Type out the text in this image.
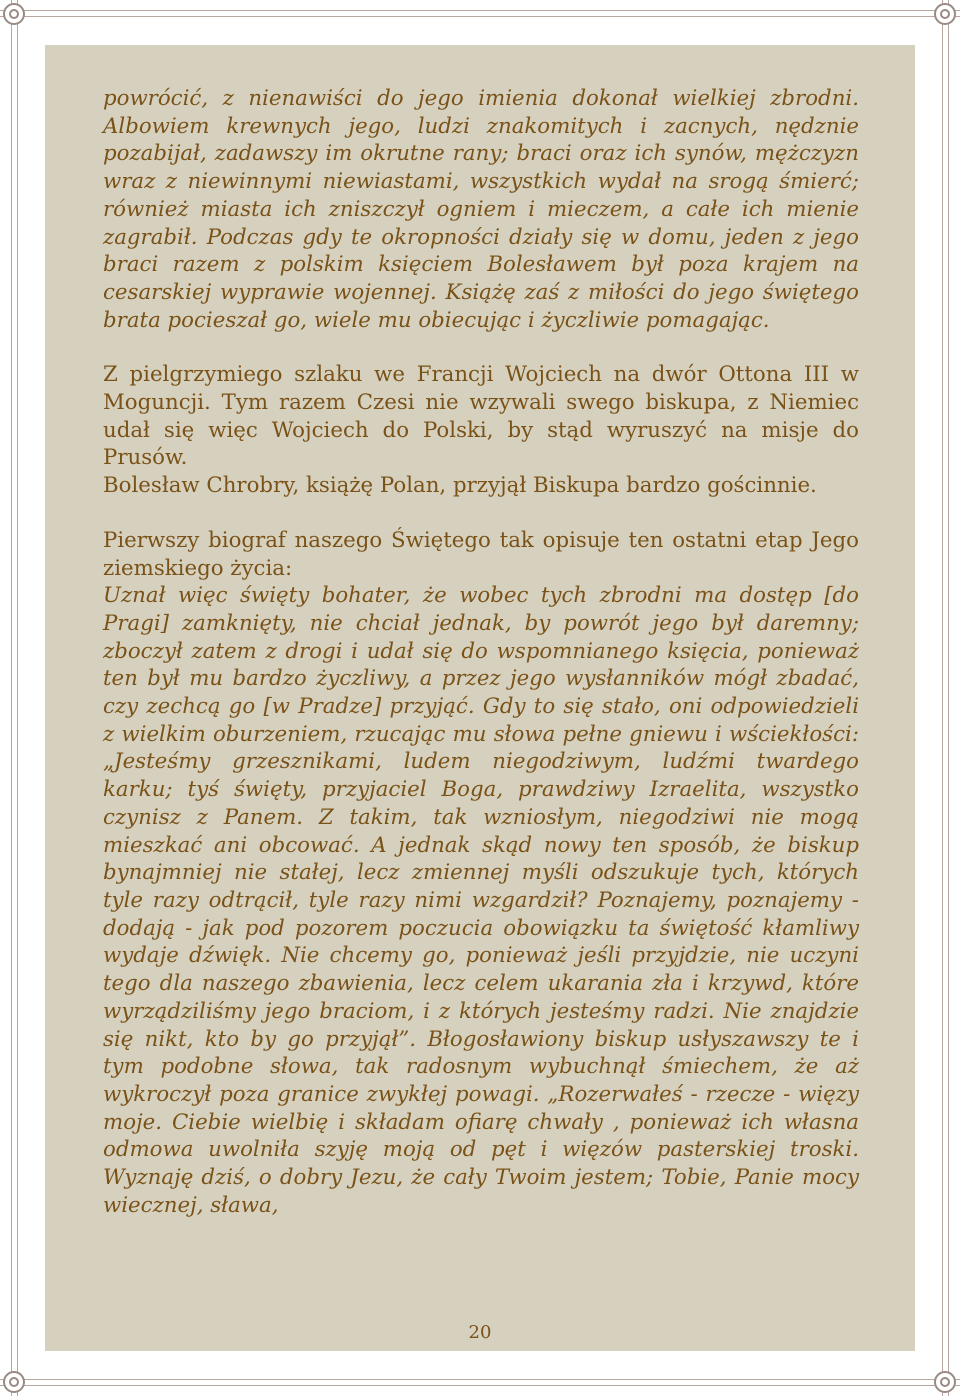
powrócić, z nienawiści do jego imienia dokonał wielkiej zbrodni. Albowiem krewnych jego, ludzi znakomitych i zacnych, nędznie pozabijał, zadawszy im okrutne rany; braci oraz ich synów, mężczyzn wraz z niewinnymi niewiastami, wszystkich wydał na srogą śmierć; również miasta ich zniszczył ogniem i mieczem, a całe ich mienie zagrabił. Podczas gdy te okropności działy się w domu, jeden z jego braci razem z polskim księciem Bolesławem był poza krajem na cesarskiej wyprawie wojennej. Książę zaś z miłości do jego świętego brata pocieszał go, wiele mu obiecując i życzliwie pomagając.

Z pielgrzymiego szlaku we Francji Wojciech na dwór Ottona III w Moguncji. Tym razem Czesi nie wzywali swego biskupa, z Niemiec udał się więc Wojciech do Polski, by stąd wyruszyć na misje do Prusów.

Bolesław Chrobry, książę Polan, przyjął Biskupa bardzo gościnnie.

Pierwszy biograf naszego Świętego tak opisuje ten ostatni etap Jego ziemskiego życia:

Uznał więc święty bohater, że wobec tych zbrodni ma dostęp [do Pragi] zamknięty, nie chciał jednak, by powrót jego był daremny; zboczył zatem z drogi i udał się do wspomnianego księcia, ponieważ ten był mu bardzo życzliwy, a przez jego wysłanników mógł zbadać, czy zechcą go [w Pradze] przyjąć. Gdy to się stało, oni odpowiedzieli z wielkim oburzeniem, rzucając mu słowa pełne gniewu i wściekłości: „Jesteśmy grzesznikami, ludem niegodziwym, ludźmi twardego karku; tyś święty, przyjaciel Boga, prawdziwy Izraelita, wszystko czynisz z Panem. Z takim, tak wzniosłym, niegodziwi nie mogą mieszkać ani obcować. A jednak skąd nowy ten sposób, że biskup bynajmniej nie stałej, lecz zmiennej myśli odszukuje tych, których tyle razy odtrącił, tyle razy nimi wzgardził? Poznajemy, poznajemy - dodają - jak pod pozorem poczucia obowiązku ta świętość kłamliwy wydaje dźwięk. Nie chcemy go, ponieważ jeśli przyjdzie, nie uczyni tego dla naszego zbawienia, lecz celem ukarania zła i krzywd, które wyrządziliśmy jego braciom, i z których jesteśmy radzi. Nie znajdzie się nikt, kto by go przyjął”. Błogosławiony biskup usłyszawszy te i tym podobne słowa, tak radosnym wybuchnął śmiechem, że aż wykroczył poza granice zwykłej powagi. „Rozerwałeś - rzecze - więzy moje. Ciebie wielbię i składam ofiarę chwały , ponieważ ich własna odmowa uwolniła szyję moją od pęt i więzów pasterskiej troski. Wyznaję dziś, o dobry Jezu, że cały Twoim jestem; Tobie, Panie mocy wiecznej, sława,

20
